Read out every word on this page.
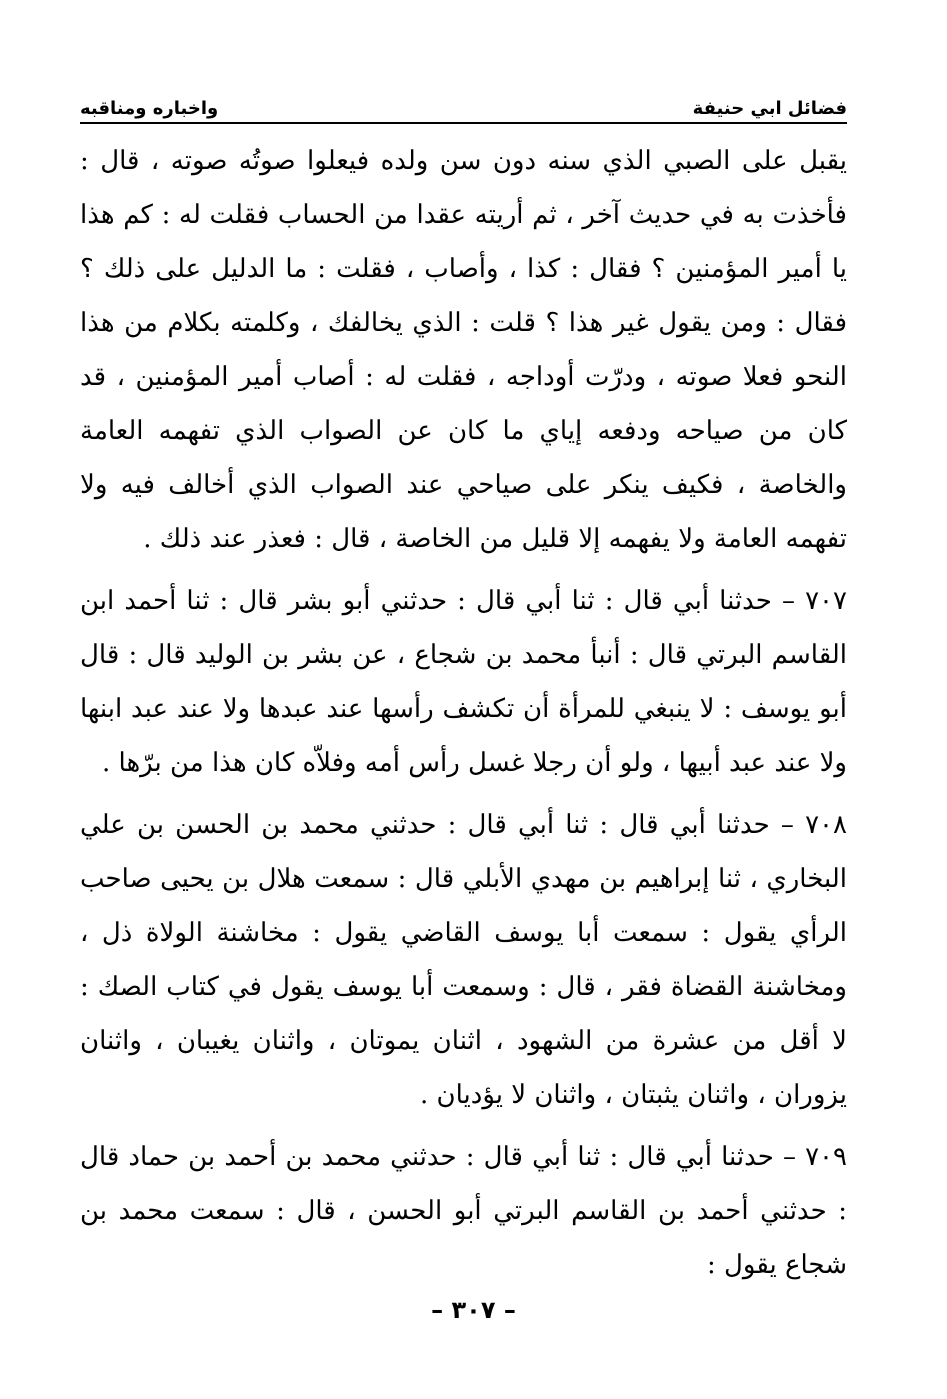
فضائل ابي حنيفة
واخباره ومناقبه

يقبل على الصبي الذي سنه دون سن ولده فيعلوا صوتُه صوته ، قال : فأخذت به في حديث آخر ، ثم أريته عقدا من الحساب فقلت له : كم هذا يا أمير المؤمنين ؟ فقال : كذا ، وأصاب ، فقلت : ما الدليل على ذلك ؟ فقال : ومن يقول غير هذا ؟ قلت : الذي يخالفك ، وكلمته بكلام من هذا النحو فعلا صوته ، ودرّت أوداجه ، فقلت له : أصاب أمير المؤمنين ، قد كان من صياحه ودفعه إياي ما كان عن الصواب الذي تفهمه العامة والخاصة ، فكيف ينكر على صياحي عند الصواب الذي أخالف فيه ولا تفهمه العامة ولا يفهمه إلا قليل من الخاصة ، قال : فعذر عند ذلك .

٧٠٧ – حدثنا أبي قال : ثنا أبي قال : حدثني أبو بشر قال : ثنا أحمد ابن القاسم البرتي قال : أنبأ محمد بن شجاع ، عن بشر بن الوليد قال : قال أبو يوسف : لا ينبغي للمرأة أن تكشف رأسها عند عبدها ولا عند عبد ابنها ولا عند عبد أبيها ، ولو أن رجلا غسل رأس أمه وفلاّه كان هذا من برّها .

٧٠٨ – حدثنا أبي قال : ثنا أبي قال : حدثني محمد بن الحسن بن علي البخاري ، ثنا إبراهيم بن مهدي الأبلي قال : سمعت هلال بن يحيى صاحب الرأي يقول : سمعت أبا يوسف القاضي يقول : مخاشنة الولاة ذل ، ومخاشنة القضاة فقر ، قال : وسمعت أبا يوسف يقول في كتاب الصك : لا أقل من عشرة من الشهود ، اثنان يموتان ، واثنان يغيبان ، واثنان يزوران ، واثنان يثبتان ، واثنان لا يؤديان .

٧٠٩ – حدثنا أبي قال : ثنا أبي قال : حدثني محمد بن أحمد بن حماد قال : حدثني أحمد بن القاسم البرتي أبو الحسن ، قال : سمعت محمد بن شجاع يقول :

– ٣٠٧ –
